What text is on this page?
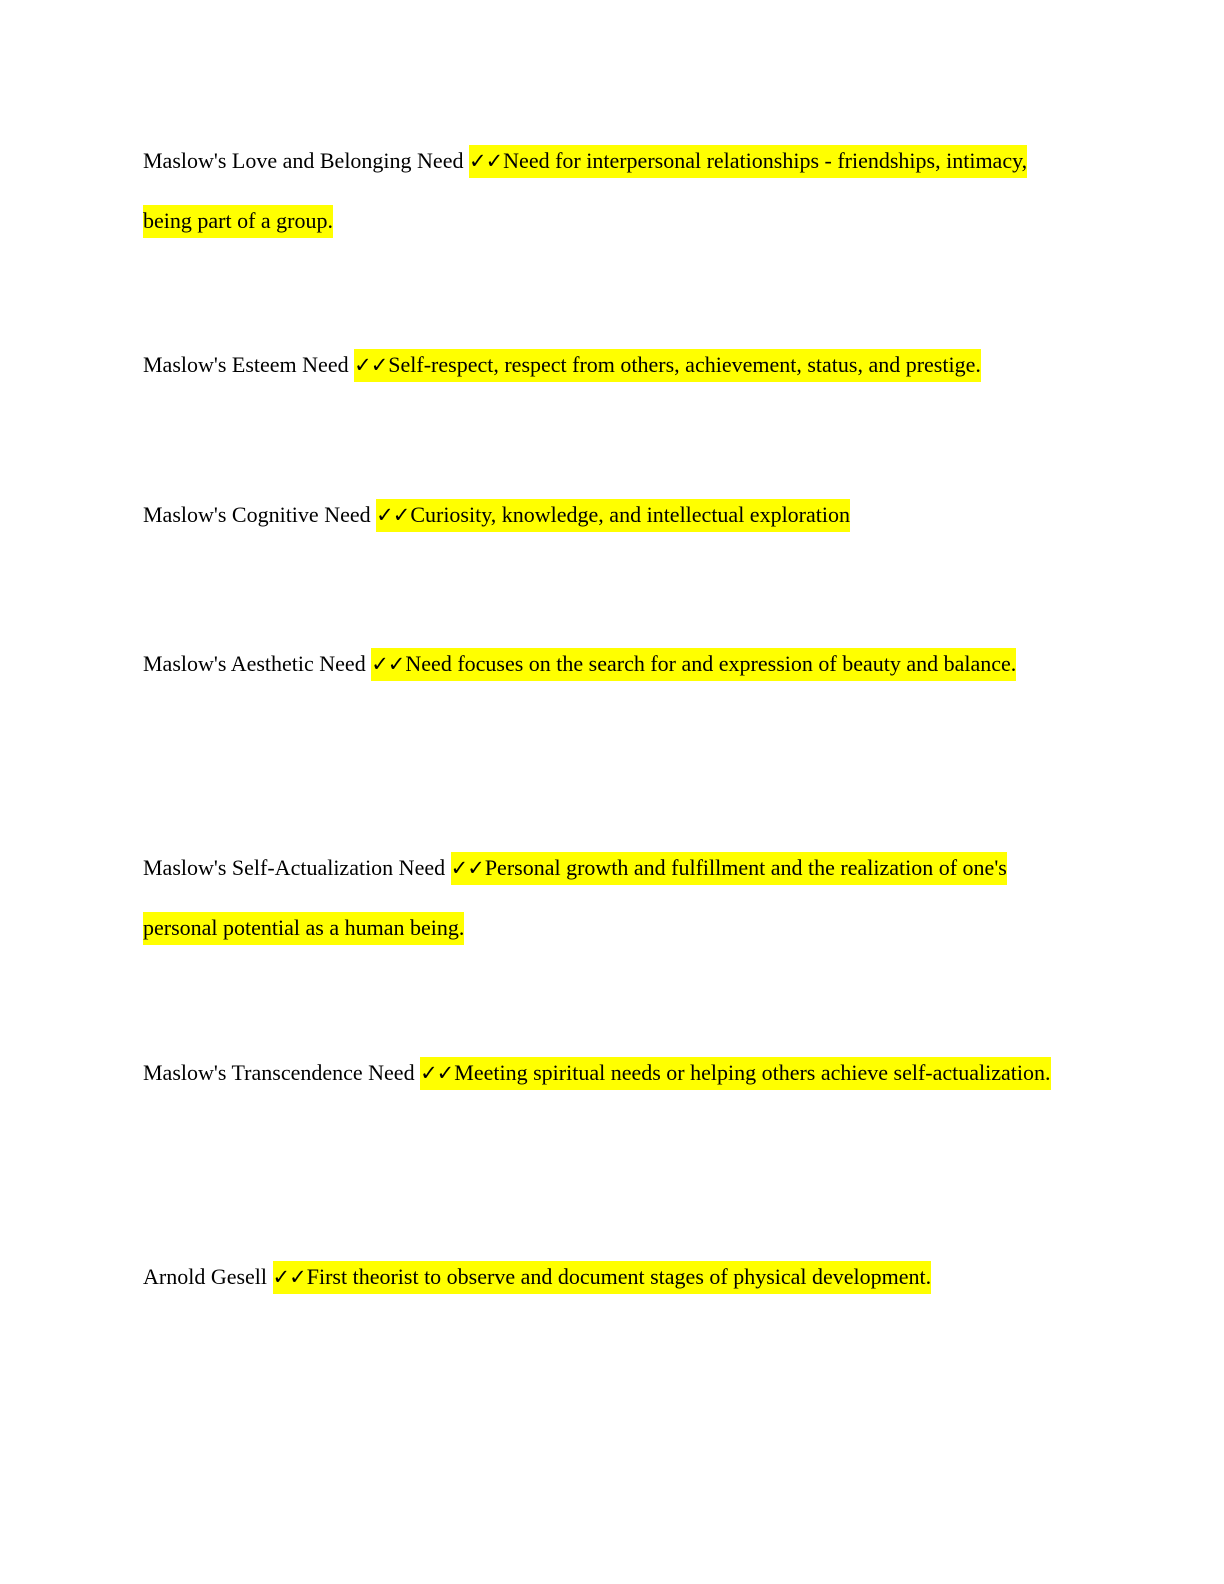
Maslow's Love and Belonging Need ✓✓Need for interpersonal relationships - friendships, intimacy, being part of a group.

Maslow's Esteem Need ✓✓Self-respect, respect from others, achievement, status, and prestige.

Maslow's Cognitive Need ✓✓Curiosity, knowledge, and intellectual exploration

Maslow's Aesthetic Need ✓✓Need focuses on the search for and expression of beauty and balance.

Maslow's Self-Actualization Need ✓✓Personal growth and fulfillment and the realization of one's personal potential as a human being.

Maslow's Transcendence Need ✓✓Meeting spiritual needs or helping others achieve self-actualization.

Arnold Gesell ✓✓First theorist to observe and document stages of physical development.
